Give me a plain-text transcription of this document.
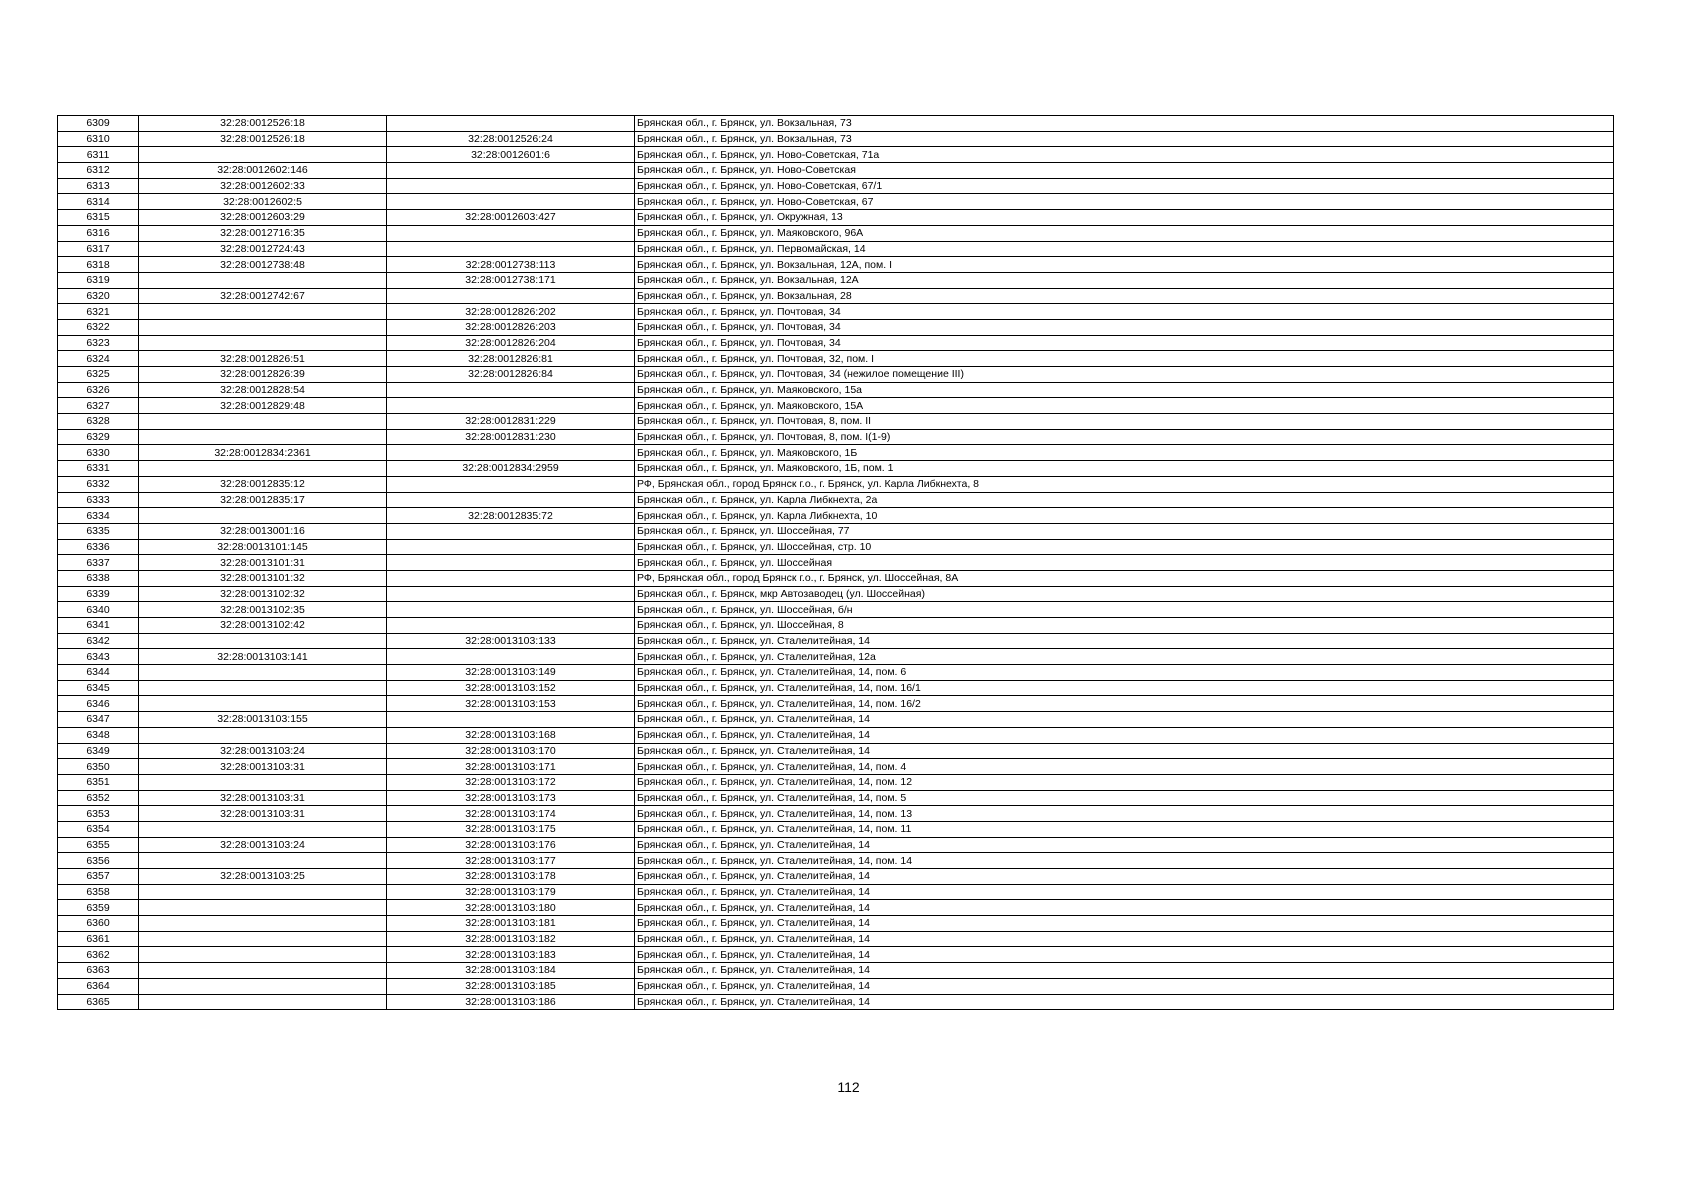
6309	32:28:0012526:18		Брянская обл., г. Брянск, ул. Вокзальная, 73
6310	32:28:0012526:18	32:28:0012526:24	Брянская обл., г. Брянск, ул. Вокзальная, 73
6311		32:28:0012601:6	Брянская обл., г. Брянск, ул. Ново-Советская, 71а
6312	32:28:0012602:146		Брянская обл., г. Брянск, ул. Ново-Советская
6313	32:28:0012602:33		Брянская обл., г. Брянск, ул. Ново-Советская, 67/1
6314	32:28:0012602:5		Брянская обл., г. Брянск, ул. Ново-Советская, 67
6315	32:28:0012603:29	32:28:0012603:427	Брянская обл., г. Брянск, ул. Окружная, 13
6316	32:28:0012716:35		Брянская обл., г. Брянск, ул. Маяковского, 96А
6317	32:28:0012724:43		Брянская обл., г. Брянск, ул. Первомайская, 14
6318	32:28:0012738:48	32:28:0012738:113	Брянская обл., г. Брянск, ул. Вокзальная, 12А, пом. I
6319		32:28:0012738:171	Брянская обл., г. Брянск, ул. Вокзальная, 12А
6320	32:28:0012742:67		Брянская обл., г. Брянск, ул. Вокзальная, 28
6321		32:28:0012826:202	Брянская обл., г. Брянск, ул. Почтовая, 34
6322		32:28:0012826:203	Брянская обл., г. Брянск, ул. Почтовая, 34
6323		32:28:0012826:204	Брянская обл., г. Брянск, ул. Почтовая, 34
6324	32:28:0012826:51	32:28:0012826:81	Брянская обл., г. Брянск, ул. Почтовая, 32, пом. I
6325	32:28:0012826:39	32:28:0012826:84	Брянская обл., г. Брянск, ул. Почтовая, 34 (нежилое помещение III)
6326	32:28:0012828:54		Брянская обл., г. Брянск, ул. Маяковского, 15а
6327	32:28:0012829:48		Брянская обл., г. Брянск, ул. Маяковского, 15А
6328		32:28:0012831:229	Брянская обл., г. Брянск, ул. Почтовая, 8, пом. II
6329		32:28:0012831:230	Брянская обл., г. Брянск, ул. Почтовая, 8, пом. I(1-9)
6330	32:28:0012834:2361		Брянская обл., г. Брянск, ул. Маяковского, 1Б
6331		32:28:0012834:2959	Брянская обл., г. Брянск, ул. Маяковского, 1Б, пом. 1
6332	32:28:0012835:12		РФ, Брянская обл., город Брянск г.о., г. Брянск, ул. Карла Либкнехта, 8
6333	32:28:0012835:17		Брянская обл., г. Брянск, ул. Карла Либкнехта, 2а
6334		32:28:0012835:72	Брянская обл., г. Брянск, ул. Карла Либкнехта, 10
6335	32:28:0013001:16		Брянская обл., г. Брянск, ул. Шоссейная, 77
6336	32:28:0013101:145		Брянская обл., г. Брянск, ул. Шоссейная, стр. 10
6337	32:28:0013101:31		Брянская обл., г. Брянск, ул. Шоссейная
6338	32:28:0013101:32		РФ, Брянская обл., город Брянск г.о., г. Брянск, ул. Шоссейная, 8А
6339	32:28:0013102:32		Брянская обл., г. Брянск, мкр Автозаводец (ул. Шоссейная)
6340	32:28:0013102:35		Брянская обл., г. Брянск, ул. Шоссейная, б/н
6341	32:28:0013102:42		Брянская обл., г. Брянск, ул. Шоссейная, 8
6342		32:28:0013103:133	Брянская обл., г. Брянск, ул. Сталелитейная, 14
6343	32:28:0013103:141		Брянская обл., г. Брянск, ул. Сталелитейная, 12а
6344		32:28:0013103:149	Брянская обл., г. Брянск, ул. Сталелитейная, 14, пом. 6
6345		32:28:0013103:152	Брянская обл., г. Брянск, ул. Сталелитейная, 14, пом. 16/1
6346		32:28:0013103:153	Брянская обл., г. Брянск, ул. Сталелитейная, 14, пом. 16/2
6347	32:28:0013103:155		Брянская обл., г. Брянск, ул. Сталелитейная, 14
6348		32:28:0013103:168	Брянская обл., г. Брянск, ул. Сталелитейная, 14
6349	32:28:0013103:24	32:28:0013103:170	Брянская обл., г. Брянск, ул. Сталелитейная, 14
6350	32:28:0013103:31	32:28:0013103:171	Брянская обл., г. Брянск, ул. Сталелитейная, 14, пом. 4
6351		32:28:0013103:172	Брянская обл., г. Брянск, ул. Сталелитейная, 14, пом. 12
6352	32:28:0013103:31	32:28:0013103:173	Брянская обл., г. Брянск, ул. Сталелитейная, 14, пом. 5
6353	32:28:0013103:31	32:28:0013103:174	Брянская обл., г. Брянск, ул. Сталелитейная, 14, пом. 13
6354		32:28:0013103:175	Брянская обл., г. Брянск, ул. Сталелитейная, 14, пом. 11
6355	32:28:0013103:24	32:28:0013103:176	Брянская обл., г. Брянск, ул. Сталелитейная, 14
6356		32:28:0013103:177	Брянская обл., г. Брянск, ул. Сталелитейная, 14, пом. 14
6357	32:28:0013103:25	32:28:0013103:178	Брянская обл., г. Брянск, ул. Сталелитейная, 14
6358		32:28:0013103:179	Брянская обл., г. Брянск, ул. Сталелитейная, 14
6359		32:28:0013103:180	Брянская обл., г. Брянск, ул. Сталелитейная, 14
6360		32:28:0013103:181	Брянская обл., г. Брянск, ул. Сталелитейная, 14
6361		32:28:0013103:182	Брянская обл., г. Брянск, ул. Сталелитейная, 14
6362		32:28:0013103:183	Брянская обл., г. Брянск, ул. Сталелитейная, 14
6363		32:28:0013103:184	Брянская обл., г. Брянск, ул. Сталелитейная, 14
6364		32:28:0013103:185	Брянская обл., г. Брянск, ул. Сталелитейная, 14
6365		32:28:0013103:186	Брянская обл., г. Брянск, ул. Сталелитейная, 14
112
